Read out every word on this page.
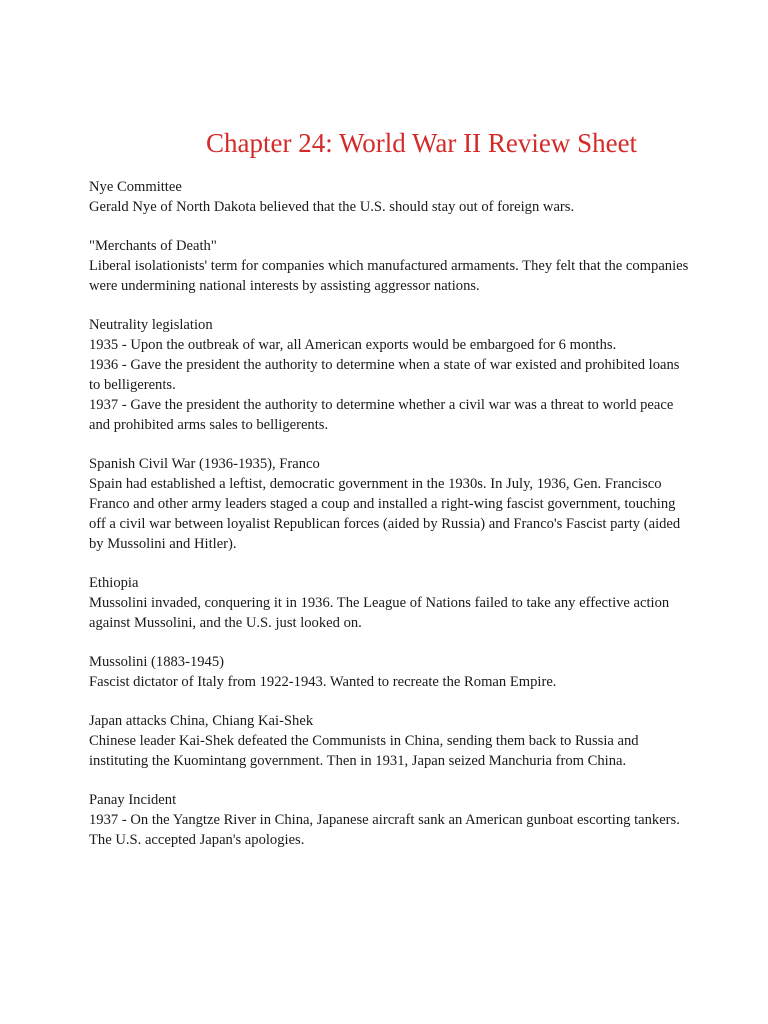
Chapter 24: World War II Review Sheet

Nye Committee

Gerald Nye of North Dakota believed that the U.S. should stay out of foreign wars.

"Merchants of Death"

Liberal isolationists' term for companies which manufactured armaments. They felt that the companies were undermining national interests by assisting aggressor nations.

Neutrality legislation

1935 - Upon the outbreak of war, all American exports would be embargoed for 6 months.

1936 - Gave the president the authority to determine when a state of war existed and prohibited loans to belligerents.

1937 - Gave the president the authority to determine whether a civil war was a threat to world peace and prohibited arms sales to belligerents.

Spanish Civil War (1936-1935), Franco

Spain had established a leftist, democratic government in the 1930s. In July, 1936, Gen. Francisco Franco and other army leaders staged a coup and installed a right-wing fascist government, touching off a civil war between loyalist Republican forces (aided by Russia) and Franco's Fascist party (aided by Mussolini and Hitler).

Ethiopia

Mussolini invaded, conquering it in 1936. The League of Nations failed to take any effective action against Mussolini, and the U.S. just looked on.

Mussolini (1883-1945)

Fascist dictator of Italy from 1922-1943. Wanted to recreate the Roman Empire.

Japan attacks China, Chiang Kai-Shek

Chinese leader Kai-Shek defeated the Communists in China, sending them back to Russia and instituting the Kuomintang government. Then in 1931, Japan seized Manchuria from China.

Panay Incident

1937 - On the Yangtze River in China, Japanese aircraft sank an American gunboat escorting tankers. The U.S. accepted Japan's apologies.
